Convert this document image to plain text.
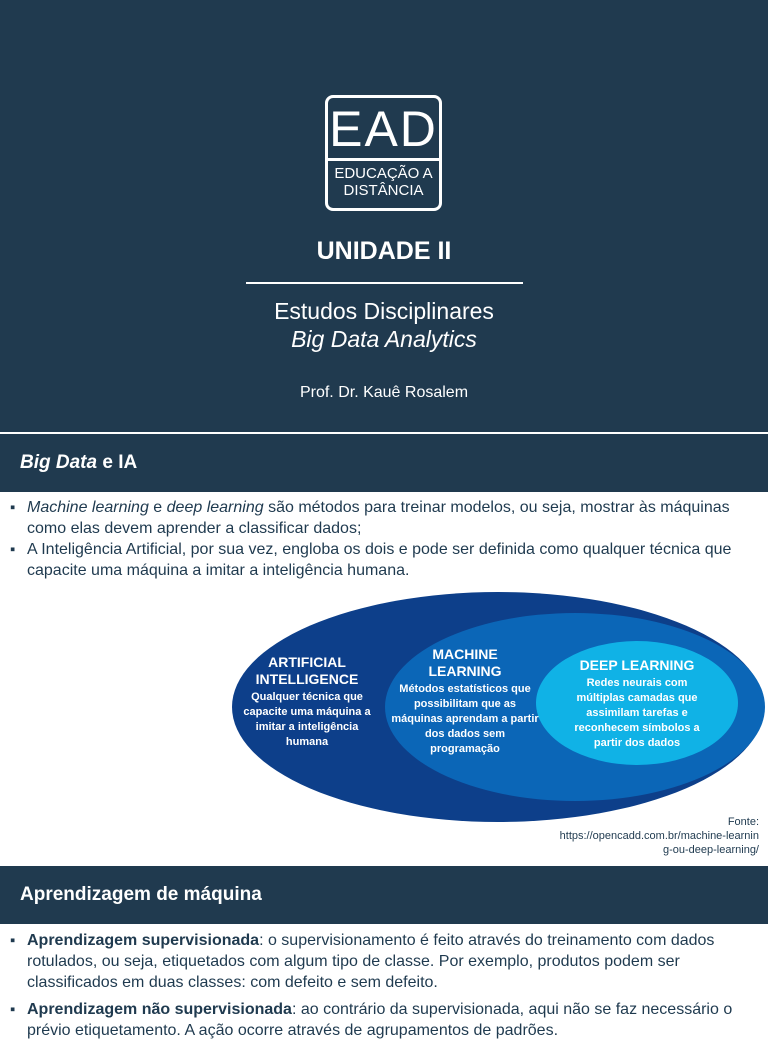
EAD
EDUCAÇÃO A
DISTÂNCIA
UNIDADE II
Estudos Disciplinares
Big Data Analytics
Prof. Dr. Kauê Rosalem
Big Data e IA
▪ Machine learning e deep learning são métodos para treinar modelos, ou seja, mostrar às máquinas como elas devem aprender a classificar dados;
▪ A Inteligência Artificial, por sua vez, engloba os dois e pode ser definida como qualquer técnica que capacite uma máquina a imitar a inteligência humana.
ARTIFICIAL INTELLIGENCE
Qualquer técnica que capacite uma máquina a imitar a inteligência humana
MACHINE LEARNING
Métodos estatísticos que possibilitam que as máquinas aprendam a partir dos dados sem programação
DEEP LEARNING
Redes neurais com múltiplas camadas que assimilam tarefas e reconhecem símbolos a partir dos dados
Fonte:
https://opencadd.com.br/machine-learning-ou-deep-learning/
Aprendizagem de máquina
▪ Aprendizagem supervisionada: o supervisionamento é feito através do treinamento com dados rotulados, ou seja, etiquetados com algum tipo de classe. Por exemplo, produtos podem ser classificados em duas classes: com defeito e sem defeito.
▪ Aprendizagem não supervisionada: ao contrário da supervisionada, aqui não se faz necessário o prévio etiquetamento. A ação ocorre através de agrupamentos de padrões.
